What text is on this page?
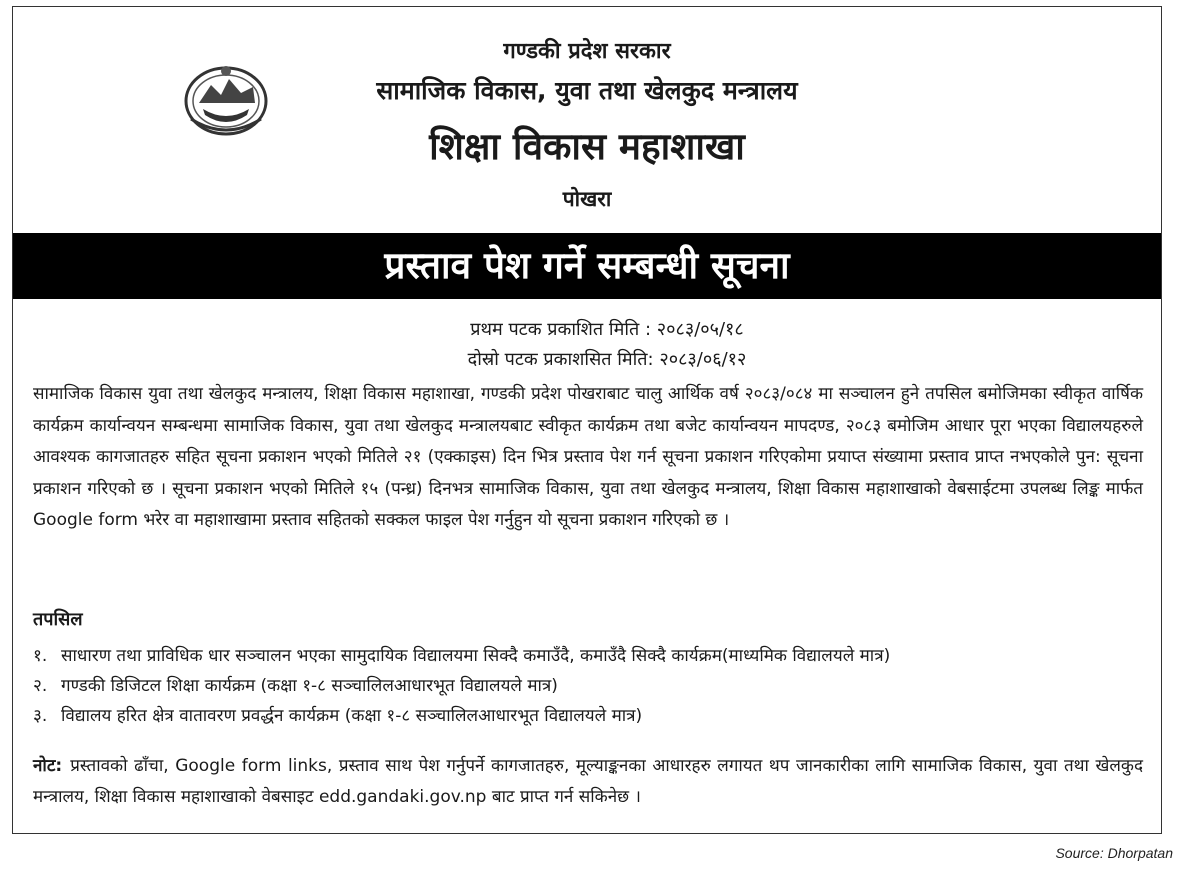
गण्डकी प्रदेश सरकार
सामाजिक विकास, युवा तथा खेलकुद मन्त्रालय
शिक्षा विकास महाशाखा
पोखरा
प्रस्ताव पेश गर्ने सम्बन्धी सूचना
प्रथम पटक प्रकाशित मिति : २०८३/०५/१८
दोस्रो पटक प्रकाशसित मिति: २०८३/०६/१२

सामाजिक विकास युवा तथा खेलकुद मन्त्रालय, शिक्षा विकास महाशाखा, गण्डकी प्रदेश पोखराबाट चालु आर्थिक वर्ष २०८३/०८४ मा सञ्चालन हुने तपसिल बमोजिमका स्वीकृत वार्षिक कार्यक्रम कार्यान्वयन सम्बन्धमा सामाजिक विकास, युवा तथा खेलकुद मन्त्रालयबाट स्वीकृत कार्यक्रम तथा बजेट कार्यान्वयन मापदण्ड, २०८३ बमोजिम आधार पूरा भएका विद्यालयहरुले आवश्यक कागजातहरु सहित सूचना प्रकाशन भएको मितिले २१ (एक्काइस) दिन भित्र प्रस्ताव पेश गर्न सूचना प्रकाशन गरिएकोमा प्रयाप्त संख्यामा प्रस्ताव प्राप्त नभएकोले पुन: सूचना प्रकाशन गरिएको छ । सूचना प्रकाशन भएको मितिले १५ (पन्ध्र) दिनभत्र सामाजिक विकास, युवा तथा खेलकुद मन्त्रालय, शिक्षा विकास महाशाखाको वेबसाईटमा उपलब्ध लिङ्क मार्फत Google form भरेर वा महाशाखामा प्रस्ताव सहितको सक्कल फाइल पेश गर्नुहुन यो सूचना प्रकाशन गरिएको छ ।

तपसिल

१. साधारण तथा प्राविधिक धार सञ्चालन भएका सामुदायिक विद्यालयमा सिक्दै कमाउँदै, कमाउँदै सिक्दै कार्यक्रम(माध्यमिक विद्यालयले मात्र)
२. गण्डकी डिजिटल शिक्षा कार्यक्रम (कक्षा १-८ सञ्चालिलआधारभूत विद्यालयले मात्र)
३. विद्यालय हरित क्षेत्र वातावरण प्रवर्द्धन कार्यक्रम (कक्षा १-८ सञ्चालिलआधारभूत विद्यालयले मात्र)

नोट: प्रस्तावको ढाँचा, Google form links, प्रस्ताव साथ पेश गर्नुपर्ने कागजातहरु, मूल्याङ्कनका आधारहरु लगायत थप जानकारीका लागि सामाजिक विकास, युवा तथा खेलकुद मन्त्रालय, शिक्षा विकास महाशाखाको वेबसाइट edd.gandaki.gov.np बाट प्राप्त गर्न सकिनेछ ।

Source: Dhorpatan
